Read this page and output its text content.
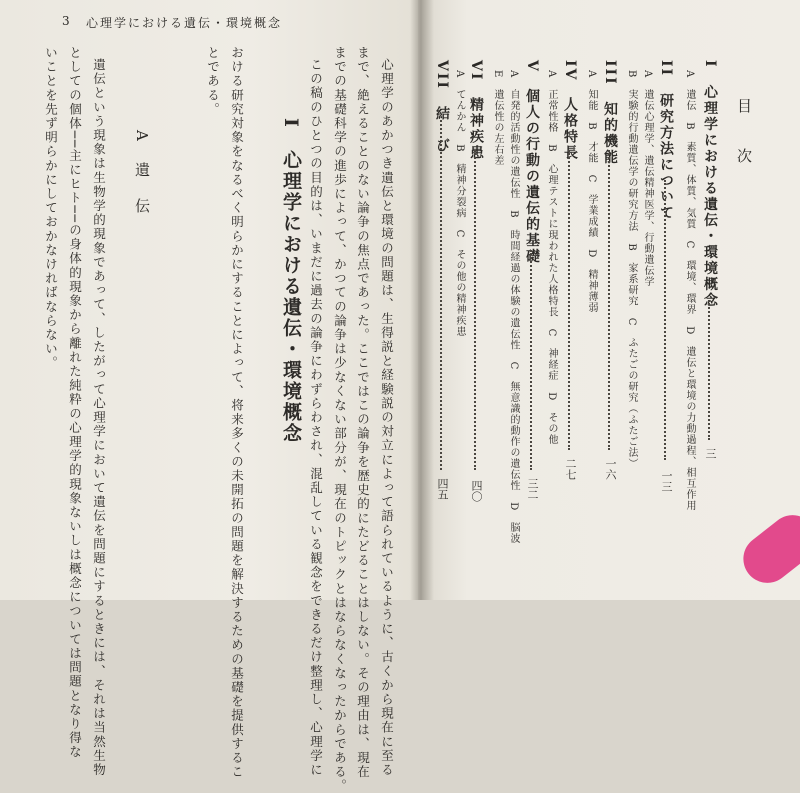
3 心理学における遺伝・環境概念
I　心理学における遺伝・環境概念	心理学のあかつき遺伝と環境の問題は、生得説と経験説の対立によって語られているように、古くから現在に至る
まで、絶えることのない論争の焦点であった。ここではこの論争を歴史的にたどることはしない。その理由は、現在
までの基礎科学の進歩によって、かつての論争は少なくない部分が、現在のトピックとはならなくなったからである。
この稿のひとつの目的は、いまだに過去の論争にわずらわされ、混乱している観念をできるだけ整理し、心理学に
おける研究対象をなるべく明らかにすることによって、将来多くの未開拓の問題を解決するための基礎を提供するこ
とである。
A　遺　伝
遺伝という現象は生物学的現象であって、したがって心理学において遺伝を問題にするときには、それは当然生物
としての個体──主にヒト──の身体的現象から離れた純粋の心理学的現象ないしは概念については問題となり得な
いことを先ず明らかにしておかなければならない。	目　次
I　心理学における遺伝・環境概念
三
A　遺伝　B　素質、体質、気質　C　環境、環界　D　遺伝と環境の力動過程、相互作用
II　研究方法について
一三
A　遺伝心理学、遺伝精神医学、行動遺伝学
B　実験的行動遺伝学の研究方法　B　家系研究　C　ふたごの研究（ふたご法）
III　知的機能
一六
A　知能　B　才能　C　学業成績　D　精神薄弱
IV　人格特長
二七
A　正常性格　B　心理テストに現われた人格特長　C　神経症　D　その他
V　個人の行動の遺伝的基礎
三二
A　自発的活動性の遺伝性　B　時間経過の体験の遺伝性　C　無意識的動作の遺伝性　D　脳波
E　遺伝性の左右差
VI　精神疾患
四〇
A　てんかん　B　精神分裂病　C　その他の精神疾患
VII　結　び
四五
